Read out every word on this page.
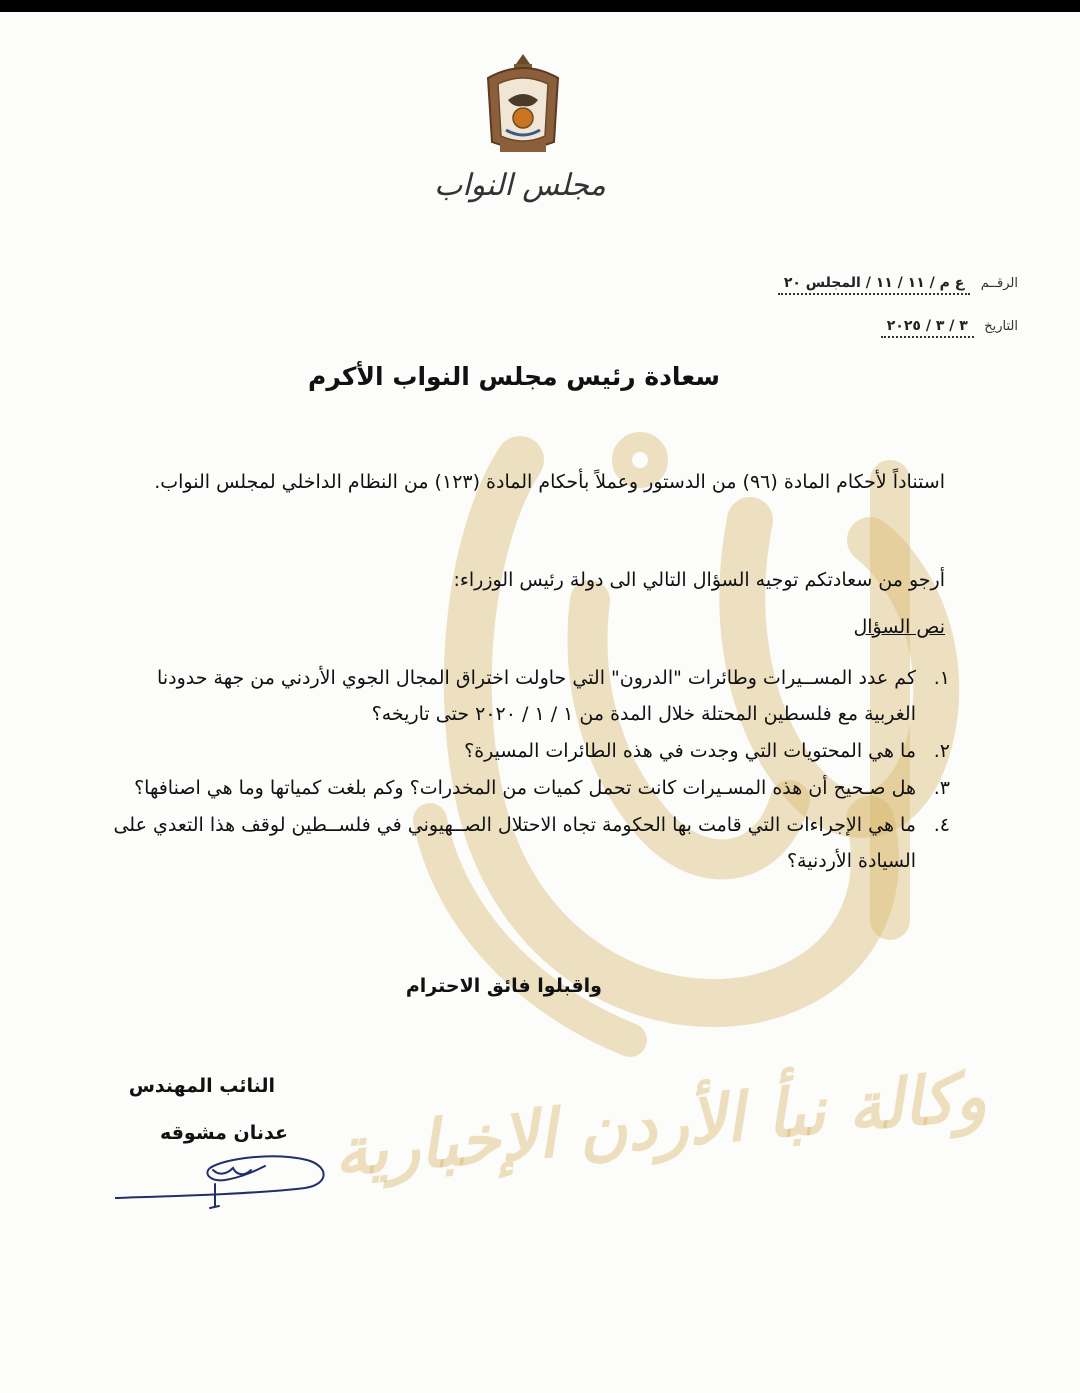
وكالة نبأ الأردن الإخبارية
مجلس النواب
الرقــم ع م / ١١ / ١١ / المجلس ٢٠
التاريخ ٣ / ٣ / ٢٠٢٥
سعادة رئيس مجلس النواب الأكرم
استناداً لأحكام المادة (٩٦) من الدستور وعملاً بأحكام المادة (١٢٣) من النظام الداخلي لمجلس النواب.
أرجو من سعادتكم توجيه السؤال التالي الى دولة رئيس الوزراء:
نص السؤال
١.
كم عدد المســيرات وطائرات "الدرون" التي حاولت اختراق المجال الجوي الأردني من جهة حدودنا الغربية مع فلسطين المحتلة خلال المدة من ١ / ١ / ٢٠٢٠ حتى تاريخه؟
٢.
ما هي المحتويات التي وجدت في هذه الطائرات المسيرة؟
٣.
هل صـحيح أن هذه المسـيرات كانت تحمل كميات من المخدرات؟ وكم بلغت كمياتها وما هي اصنافها؟
٤.
ما هي الإجراءات التي قامت بها الحكومة تجاه الاحتلال الصــهيوني في فلســطين لوقف هذا التعدي على السيادة الأردنية؟
واقبلوا فائق الاحترام
النائب المهندس
عدنان مشوقه
